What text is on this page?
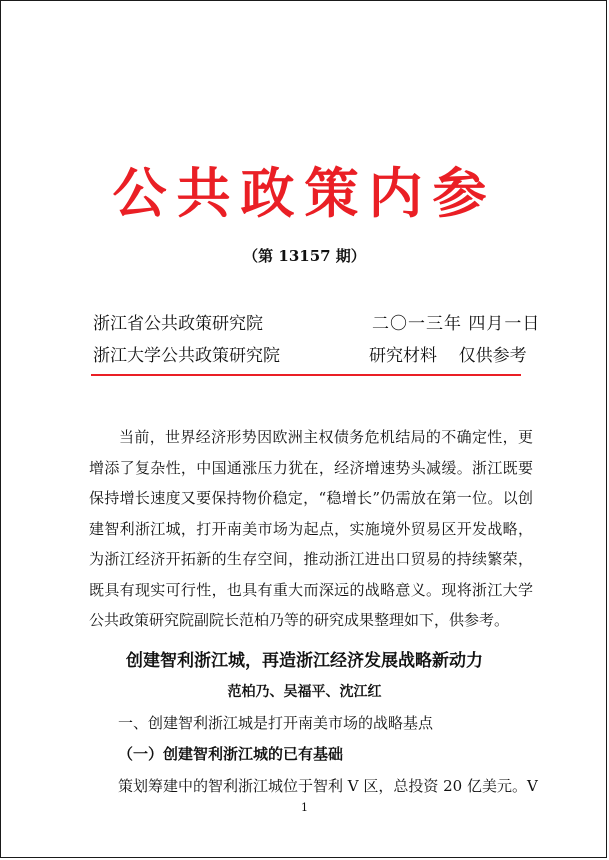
公共政策内参
（第 13157 期）
浙江省公共政策研究院	二〇一三年 四月一日
浙江大学公共政策研究院	研究材料    仅供参考
当前，世界经济形势因欧洲主权债务危机结局的不确定性，更
增添了复杂性，中国通涨压力犹在，经济增速势头减缓。浙江既要
保持增长速度又要保持物价稳定，“稳增长”仍需放在第一位。以创
建智利浙江城，打开南美市场为起点，实施境外贸易区开发战略，
为浙江经济开拓新的生存空间，推动浙江进出口贸易的持续繁荣，
既具有现实可行性，也具有重大而深远的战略意义。现将浙江大学
公共政策研究院副院长范柏乃等的研究成果整理如下，供参考。
创建智利浙江城，再造浙江经济发展战略新动力
范柏乃、吴福平、沈江红
一、创建智利浙江城是打开南美市场的战略基点
（一）创建智利浙江城的已有基础
策划筹建中的智利浙江城位于智利 V 区，总投资 20 亿美元。V
1
